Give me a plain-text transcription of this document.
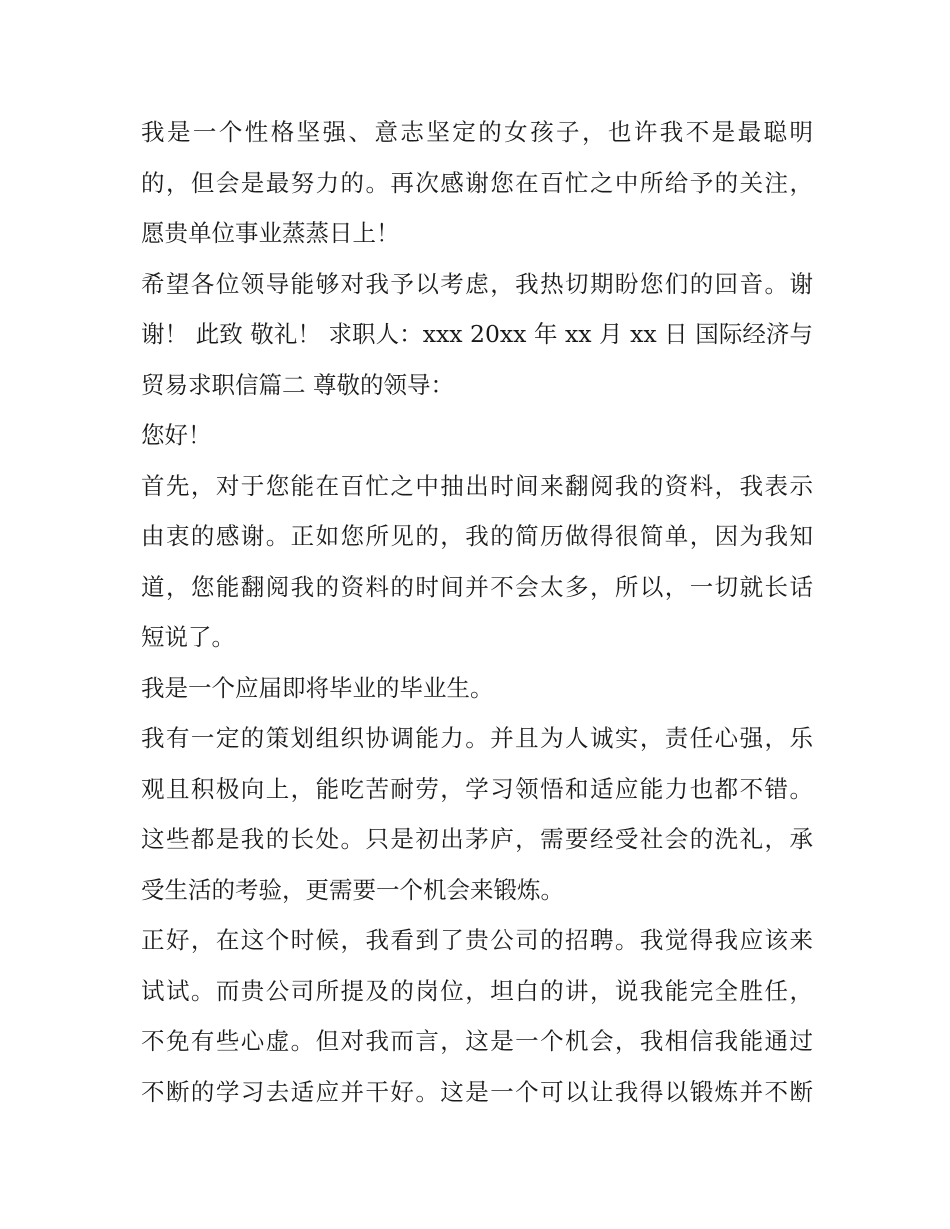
我是一个性格坚强、意志坚定的女孩子，也许我不是最聪明
的，但会是最努力的。再次感谢您在百忙之中所给予的关注，
愿贵单位事业蒸蒸日上！
希望各位领导能够对我予以考虑，我热切期盼您们的回音。谢
谢！ 此致 敬礼！ 求职人：xxx 20xx 年 xx 月 xx 日 国际经济与
贸易求职信篇二 尊敬的领导：
您好！
首先，对于您能在百忙之中抽出时间来翻阅我的资料，我表示
由衷的感谢。正如您所见的，我的简历做得很简单，因为我知
道，您能翻阅我的资料的时间并不会太多，所以，一切就长话
短说了。
我是一个应届即将毕业的毕业生。
我有一定的策划组织协调能力。并且为人诚实，责任心强，乐
观且积极向上，能吃苦耐劳，学习领悟和适应能力也都不错。
这些都是我的长处。只是初出茅庐，需要经受社会的洗礼，承
受生活的考验，更需要一个机会来锻炼。
正好，在这个时候，我看到了贵公司的招聘。我觉得我应该来
试试。而贵公司所提及的岗位，坦白的讲，说我能完全胜任，
不免有些心虚。但对我而言，这是一个机会，我相信我能通过
不断的学习去适应并干好。这是一个可以让我得以锻炼并不断
